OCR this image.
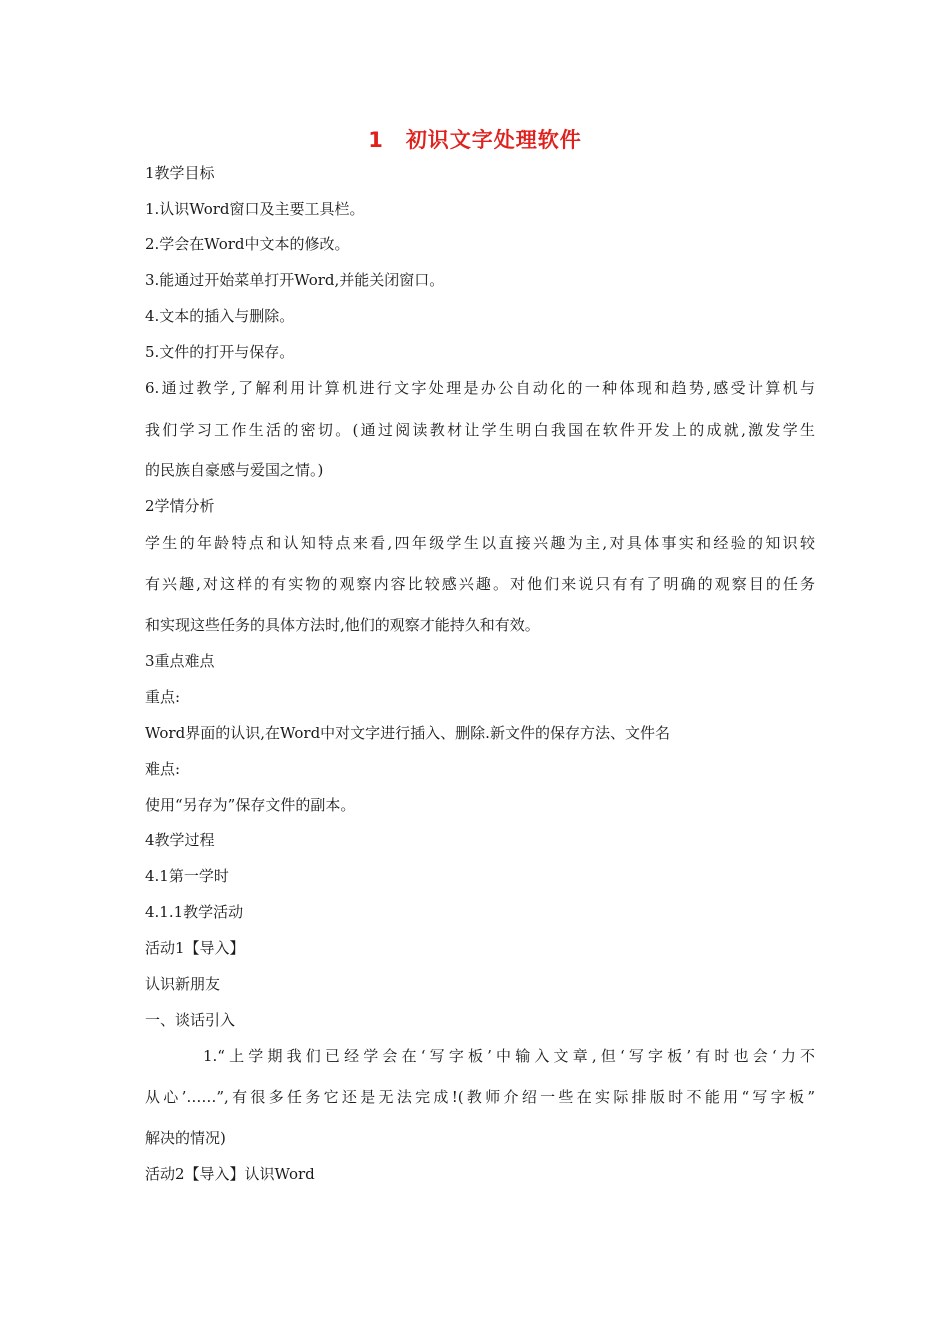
1 初识文字处理软件
1教学目标
1.认识Word窗口及主要工具栏。
2.学会在Word中文本的修改。
3.能通过开始菜单打开Word,并能关闭窗口。
4.文本的插入与删除。
5.文件的打开与保存。
6.通过教学,了解利用计算机进行文字处理是办公自动化的一种体现和趋势,感受计算机与
我们学习工作生活的密切。(通过阅读教材让学生明白我国在软件开发上的成就,激发学生
的民族自豪感与爱国之情。)
2学情分析
学生的年龄特点和认知特点来看,四年级学生以直接兴趣为主,对具体事实和经验的知识较
有兴趣,对这样的有实物的观察内容比较感兴趣。对他们来说只有有了明确的观察目的任务
和实现这些任务的具体方法时,他们的观察才能持久和有效。
3重点难点
重点:
Word界面的认识,在Word中对文字进行插入、删除.新文件的保存方法、文件名
难点:
使用“另存为”保存文件的副本。
4教学过程
4.1第一学时
4.1.1教学活动
活动1【导入】
认识新朋友
一、谈话引入
1.“上学期我们已经学会在‘写字板’中输入文章,但‘写字板’有时也会‘力不
从心’……”,有很多任务它还是无法完成!(教师介绍一些在实际排版时不能用“写字板”
解决的情况)
活动2【导入】认识Word
